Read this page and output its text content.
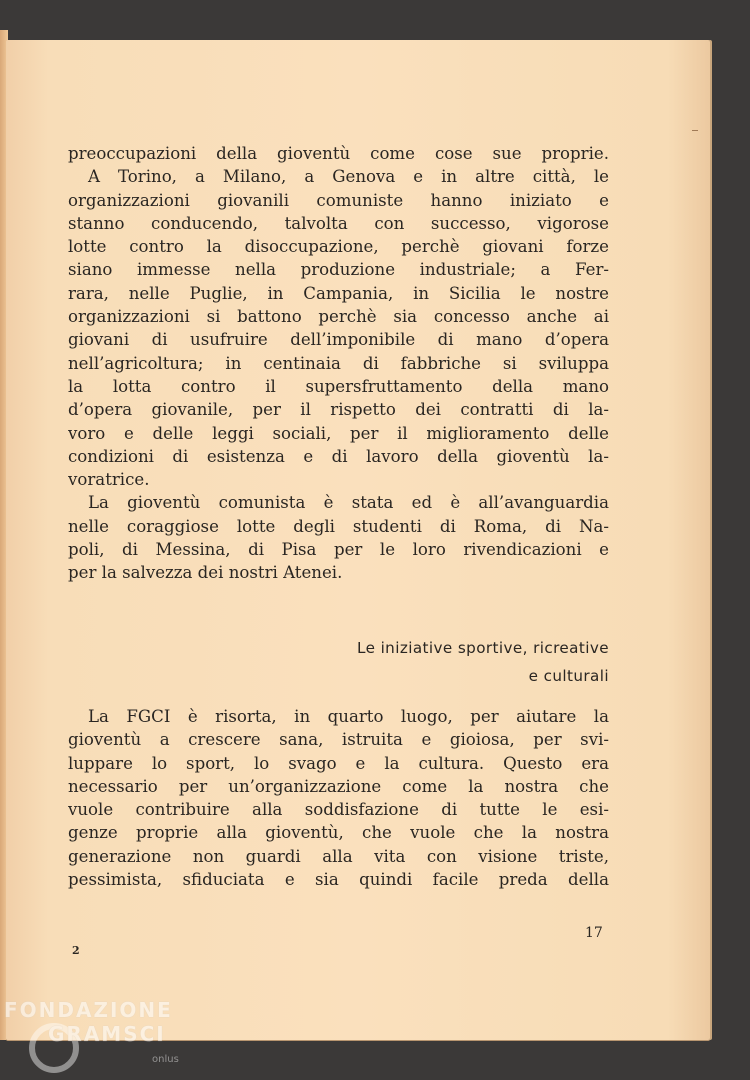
preoccupazioni della gioventù come cose sue proprie.
A Torino, a Milano, a Genova e in altre città, le
organizzazioni giovanili comuniste hanno iniziato e
stanno conducendo, talvolta con successo, vigorose
lotte contro la disoccupazione, perchè giovani forze
siano immesse nella produzione industriale; a Fer-
rara, nelle Puglie, in Campania, in Sicilia le nostre
organizzazioni si battono perchè sia concesso anche ai
giovani di usufruire dell’imponibile di mano d’opera
nell’agricoltura; in centinaia di fabbriche si sviluppa
la lotta contro il supersfruttamento della mano
d’opera giovanile, per il rispetto dei contratti di la-
voro e delle leggi sociali, per il miglioramento delle
condizioni di esistenza e di lavoro della gioventù la-
voratrice.
La gioventù comunista è stata ed è all’avanguardia
nelle coraggiose lotte degli studenti di Roma, di Na-
poli, di Messina, di Pisa per le loro rivendicazioni e
per la salvezza dei nostri Atenei.
Le iniziative sportive, ricreative
e culturali
La FGCI è risorta, in quarto luogo, per aiutare la
gioventù a crescere sana, istruita e gioiosa, per svi-
luppare lo sport, lo svago e la cultura. Questo era
necessario per un’organizzazione come la nostra che
vuole contribuire alla soddisfazione di tutte le esi-
genze proprie alla gioventù, che vuole che la nostra
generazione non guardi alla vita con visione triste,
pessimista, sfiduciata e sia quindi facile preda della
17
2
FONDAZIONE
GRAMSCI
onlus
